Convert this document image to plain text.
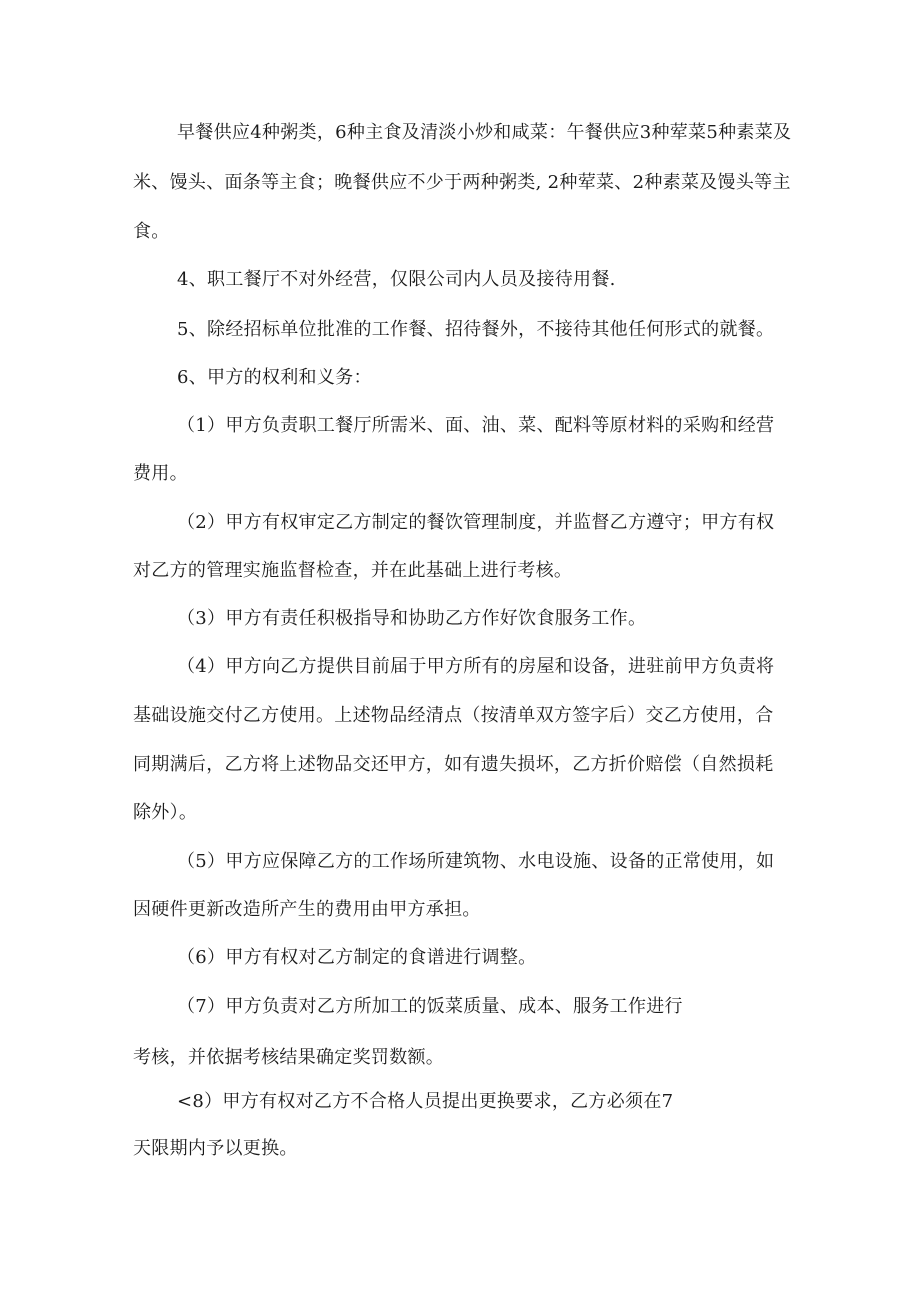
早餐供应4种粥类，6种主食及清淡小炒和咸菜：午餐供应3种荤菜5种素菜及
米、馒头、面条等主食；晚餐供应不少于两种粥类, 2种荤菜、2种素菜及馒头等主
食。
4、职工餐厅不对外经营，仅限公司内人员及接待用餐.
5、除经招标单位批准的工作餐、招待餐外，不接待其他任何形式的就餐。
6、甲方的权利和义务：
（1）甲方负责职工餐厅所需米、面、油、菜、配料等原材料的采购和经营
费用。
（2）甲方有权审定乙方制定的餐饮管理制度，并监督乙方遵守；甲方有权
对乙方的管理实施监督检查，并在此基础上进行考核。
（3）甲方有责任积极指导和协助乙方作好饮食服务工作。
（4）甲方向乙方提供目前届于甲方所有的房屋和设备，进驻前甲方负责将
基础设施交付乙方使用。上述物品经清点（按清单双方签字后）交乙方使用，合
同期满后，乙方将上述物品交还甲方，如有遗失损坏，乙方折价赔偿（自然损耗
除外）。
（5）甲方应保障乙方的工作场所建筑物、水电设施、设备的正常使用，如
因硬件更新改造所产生的费用由甲方承担。
（6）甲方有权对乙方制定的食谱进行调整。
（7）甲方负责对乙方所加工的饭菜质量、成本、服务工作进行
考核，并依据考核结果确定奖罚数额。
<8）甲方有权对乙方不合格人员提出更换要求，乙方必须在7
天限期内予以更换。
